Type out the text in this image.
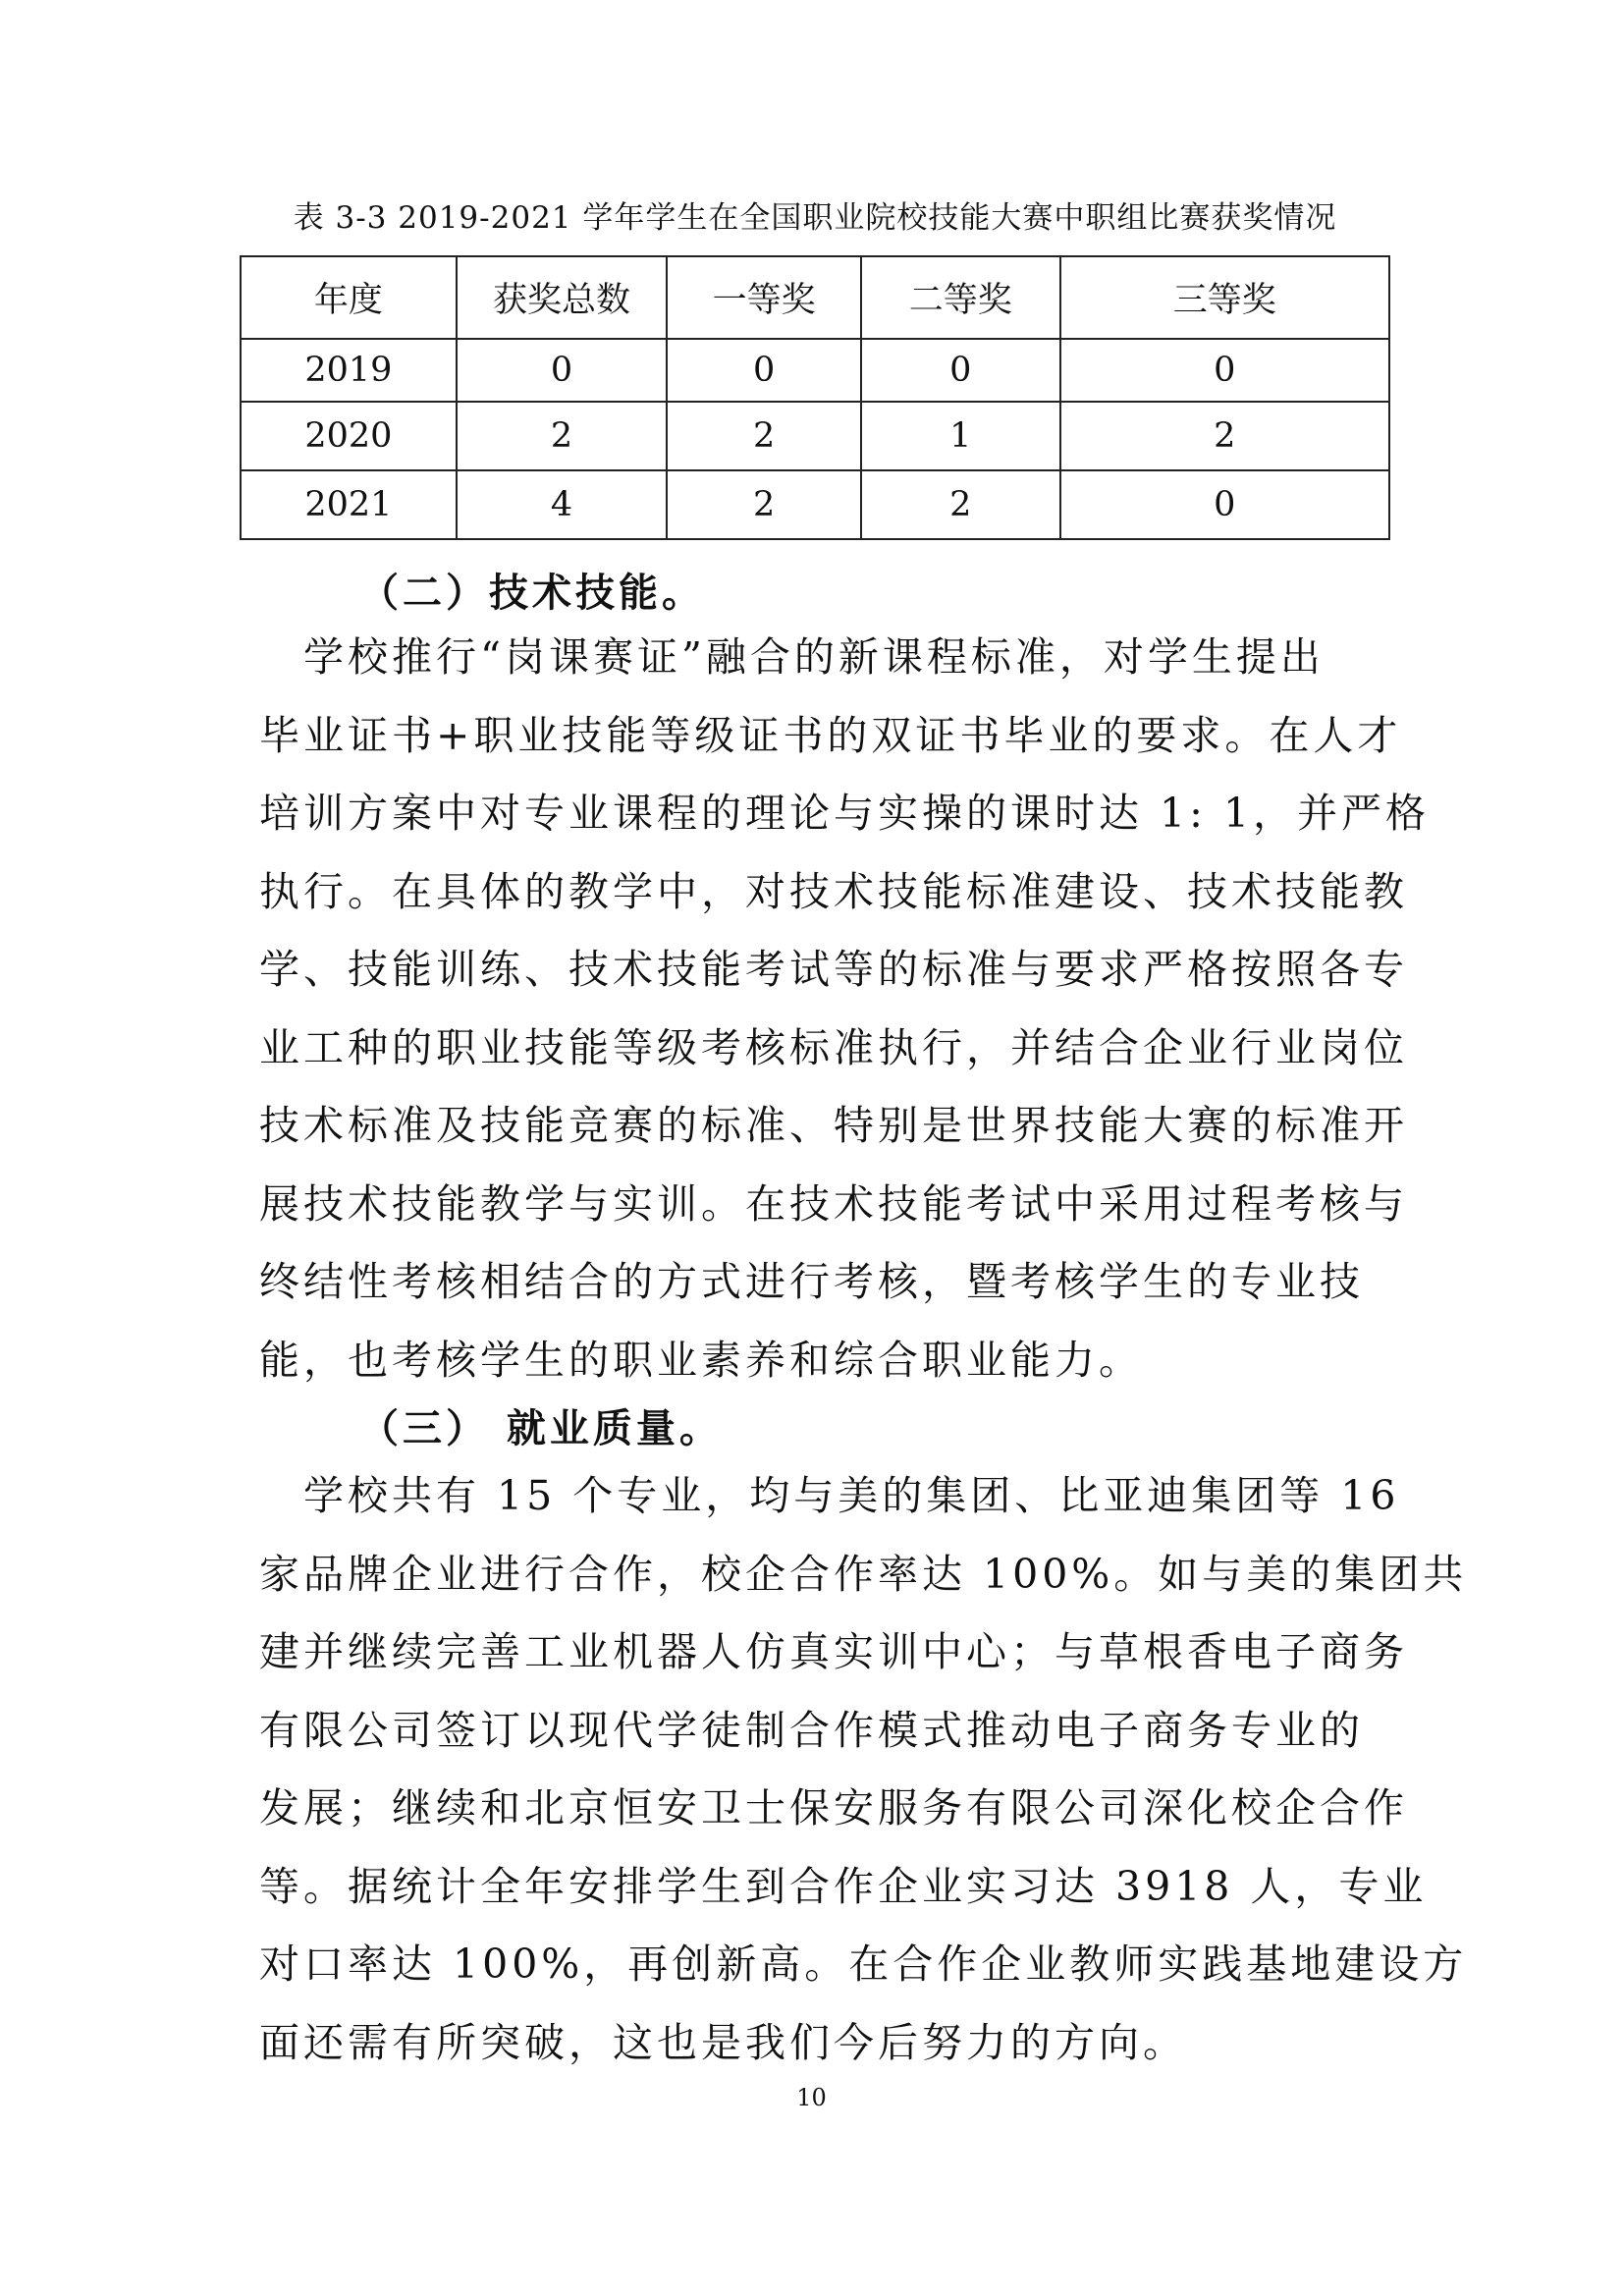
表 3-3 2019-2021 学年学生在全国职业院校技能大赛中职组比赛获奖情况
年度	获奖总数	一等奖	二等奖	三等奖
2019	0	0	0	0
2020	2	2	1	2
2021	4	2	2	0
（二）技术技能。
　学校推行“岗课赛证”融合的新课程标准，对学生提出
毕业证书+职业技能等级证书的双证书毕业的要求。在人才
培训方案中对专业课程的理论与实操的课时达 1: 1，并严格
执行。在具体的教学中，对技术技能标准建设、技术技能教
学、技能训练、技术技能考试等的标准与要求严格按照各专
业工种的职业技能等级考核标准执行，并结合企业行业岗位
技术标准及技能竞赛的标准、特别是世界技能大赛的标准开
展技术技能教学与实训。在技术技能考试中采用过程考核与
终结性考核相结合的方式进行考核，暨考核学生的专业技
能，也考核学生的职业素养和综合职业能力。
（三） 就业质量。
　学校共有 15 个专业，均与美的集团、比亚迪集团等 16
家品牌企业进行合作，校企合作率达 100%。如与美的集团共
建并继续完善工业机器人仿真实训中心；与草根香电子商务
有限公司签订以现代学徒制合作模式推动电子商务专业的
发展；继续和北京恒安卫士保安服务有限公司深化校企合作
等。据统计全年安排学生到合作企业实习达 3918 人，专业
对口率达 100%，再创新高。在合作企业教师实践基地建设方
面还需有所突破，这也是我们今后努力的方向。
10
